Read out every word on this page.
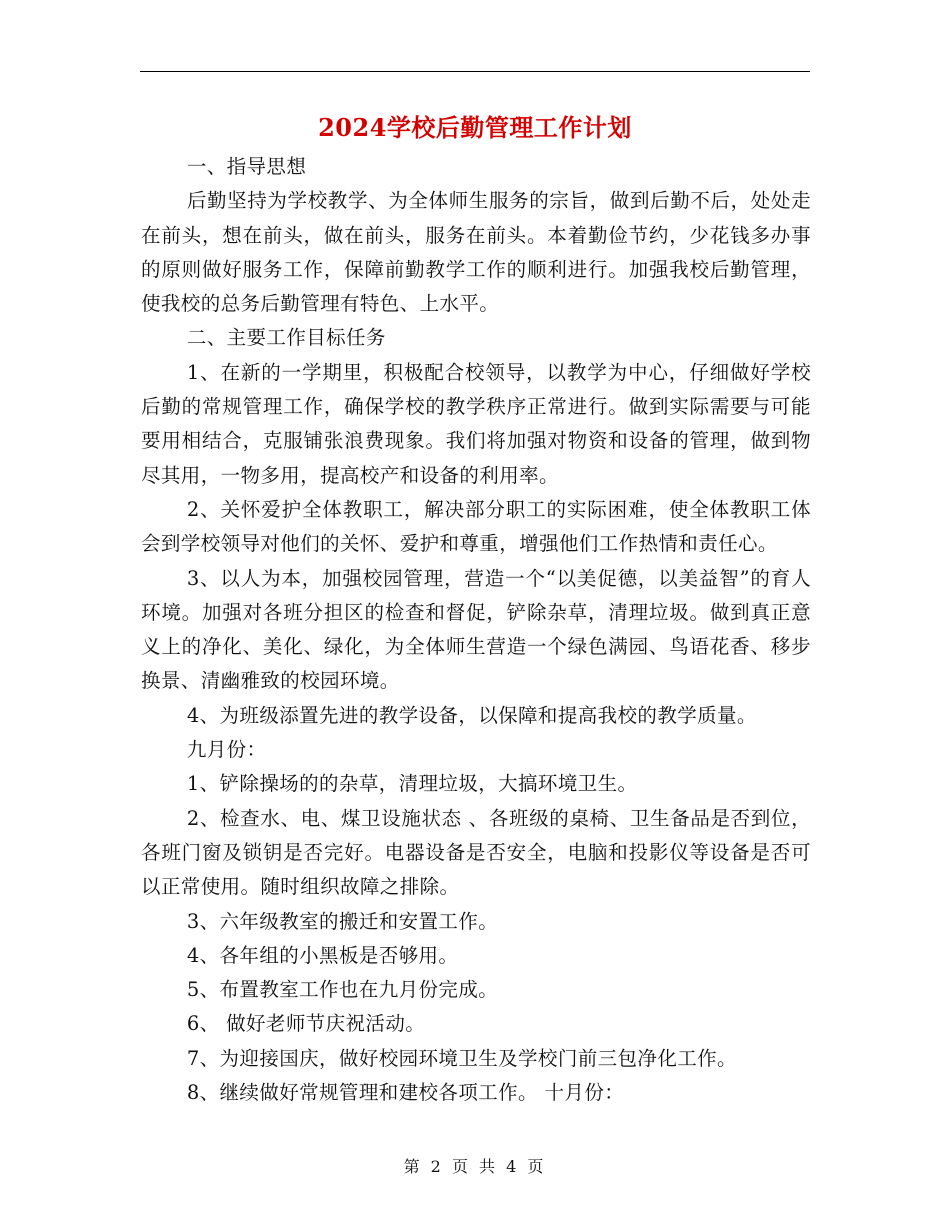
2024学校后勤管理工作计划

一、指导思想

后勤坚持为学校教学、为全体师生服务的宗旨，做到后勤不后，处处走在前头，想在前头，做在前头，服务在前头。本着勤俭节约，少花钱多办事的原则做好服务工作，保障前勤教学工作的顺利进行。加强我校后勤管理，使我校的总务后勤管理有特色、上水平。

二、主要工作目标任务

1、在新的一学期里，积极配合校领导，以教学为中心，仔细做好学校后勤的常规管理工作，确保学校的教学秩序正常进行。做到实际需要与可能要用相结合，克服铺张浪费现象。我们将加强对物资和设备的管理，做到物尽其用，一物多用，提高校产和设备的利用率。

2、关怀爱护全体教职工，解决部分职工的实际困难，使全体教职工体会到学校领导对他们的关怀、爱护和尊重，增强他们工作热情和责任心。

3、以人为本，加强校园管理，营造一个“以美促德，以美益智”的育人环境。加强对各班分担区的检查和督促，铲除杂草，清理垃圾。做到真正意义上的净化、美化、绿化，为全体师生营造一个绿色满园、鸟语花香、移步换景、清幽雅致的校园环境。

4、为班级添置先进的教学设备，以保障和提高我校的教学质量。

九月份：

1、铲除操场的的杂草，清理垃圾，大搞环境卫生。

2、检查水、电、煤卫设施状态 、各班级的桌椅、卫生备品是否到位，各班门窗及锁钥是否完好。电器设备是否安全，电脑和投影仪等设备是否可以正常使用。随时组织故障之排除。

3、六年级教室的搬迁和安置工作。

4、各年组的小黑板是否够用。

5、布置教室工作也在九月份完成。

6、 做好老师节庆祝活动。

7、为迎接国庆，做好校园环境卫生及学校门前三包净化工作。

8、继续做好常规管理和建校各项工作。 十月份：

第 2 页 共 4 页
